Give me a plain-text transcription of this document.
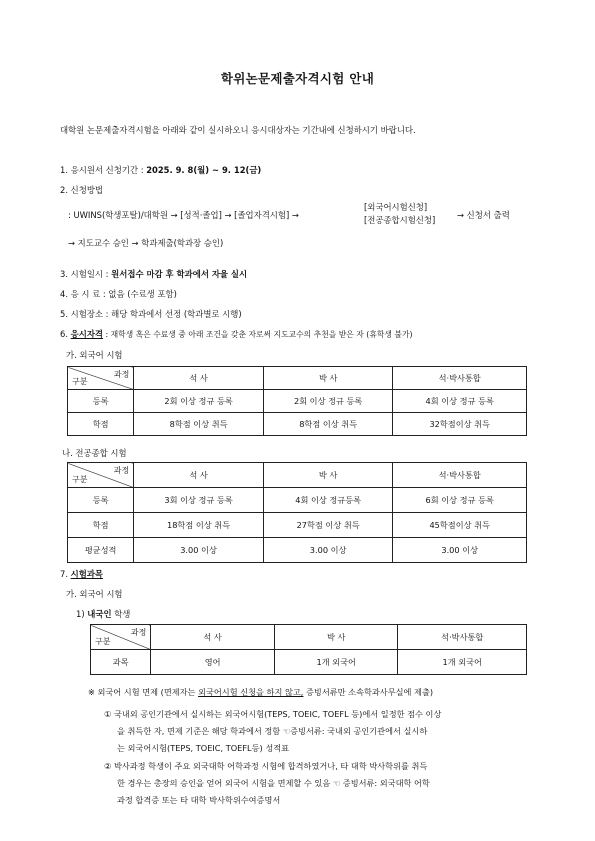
학위논문제출자격시험 안내
대학원 논문제출자격시험을 아래와 같이 실시하오니 응시대상자는 기간내에 신청하시기 바랍니다.
1. 응시원서 신청기간 : 2025. 9. 8(월) ~ 9. 12(금)
2. 신청방법
: UWINS(학생포탈)/대학원 → [성적·졸업] → [졸업자격시험] →
[외국어시험신청]
[전공종합시험신청]	→ 신청서 출력
→ 지도교수 승인 → 학과제출(학과장 승인)
3. 시험일시 : 원서접수 마감 후 학과에서 자율 실시
4. 응 시 료 : 없음 (수료생 포함)
5. 시험장소 : 해당 학과에서 선정 (학과별로 시행)
6. 응시자격 : 재학생 혹은 수료생 중 아래 조건을 갖춘 자로써 지도교수의 추천을 받은 자 (휴학생 불가)
가. 외국어 시험
과정
구분	석 사	박 사	석·박사통합
등록	2회 이상 정규 등록	2회 이상 정규 등록	4회 이상 정규 등록
학점	8학점 이상 취득	8학점 이상 취득	32학점이상 취득
나. 전공종합 시험
과정
구분	석 사	박 사	석·박사통합
등록	3회 이상 정규 등록	4회 이상 정규등록	6회 이상 정규 등록
학점	18학점 이상 취득	27학점 이상 취득	45학점이상 취득
평균성적	3.00 이상	3.00 이상	3.00 이상
7. 시험과목
가. 외국어 시험
1) 내국인 학생
과정
구분	석 사	박 사	석·박사통합
과목	영어	1개 외국어	1개 외국어
※ 외국어 시험 면제 (면제자는 외국어시험 신청을 하지 않고, 증빙서류만 소속학과사무실에 제출)
① 국내외 공인기관에서 실시하는 외국어시험(TEPS, TOEIC, TOEFL 등)에서 일정한 점수 이상
을 취득한 자, 면제 기준은 해당 학과에서 정함 ☜증빙서류: 국내외 공인기관에서 실시하
는 외국어시험(TEPS, TOEIC, TOEFL등) 성적표
② 박사과정 학생이 주요 외국대학 어학과정 시험에 합격하였거나, 타 대학 박사학위를 취득
한 경우는 총장의 승인을 얻어 외국어 시험을 면제할 수 있음 ☜ 증빙서류: 외국대학 어학
과정 합격증 또는 타 대학 박사학위수여증명서
